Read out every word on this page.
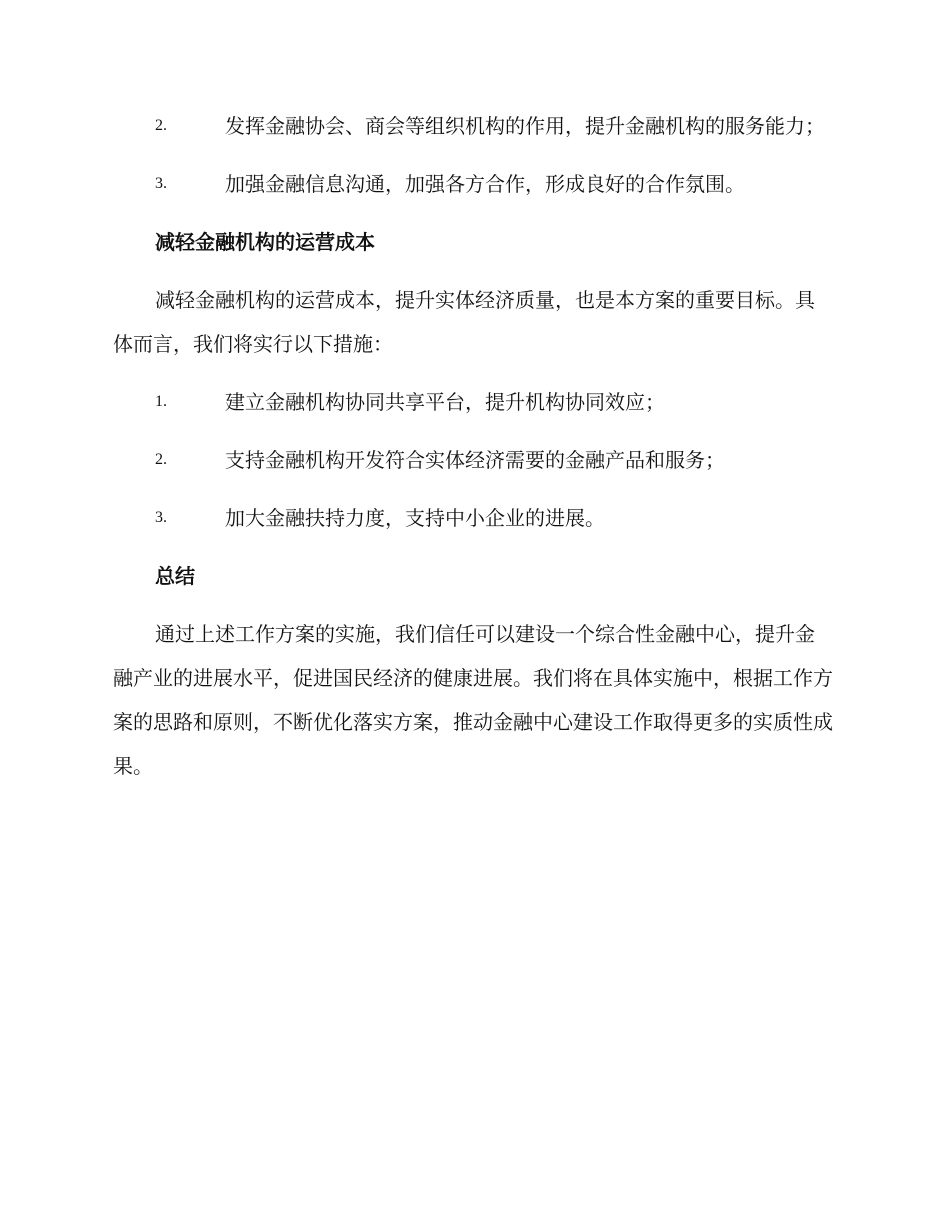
2.	发挥金融协会、商会等组织机构的作用，提升金融机构的服务能力；
3.	加强金融信息沟通，加强各方合作，形成良好的合作氛围。
减轻金融机构的运营成本
减轻金融机构的运营成本，提升实体经济质量，也是本方案的重要目标。具体而言，我们将实行以下措施：
1.	建立金融机构协同共享平台，提升机构协同效应；
2.	支持金融机构开发符合实体经济需要的金融产品和服务；
3.	加大金融扶持力度，支持中小企业的进展。
总结
通过上述工作方案的实施，我们信任可以建设一个综合性金融中心，提升金融产业的进展水平，促进国民经济的健康进展。我们将在具体实施中，根据工作方案的思路和原则，不断优化落实方案，推动金融中心建设工作取得更多的实质性成果。
